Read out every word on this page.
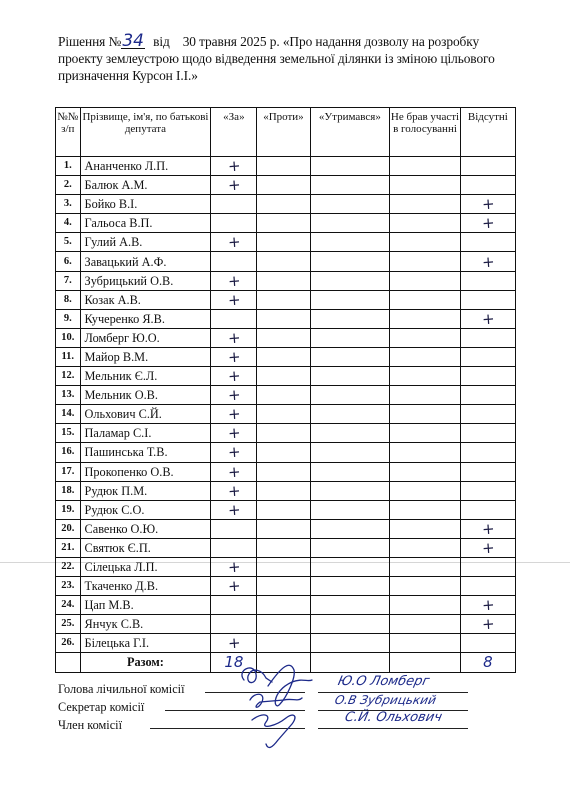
Рішення №34 від 30 травня 2025 р. «Про надання дозволу на розробку
проекту землеустрою щодо відведення земельної ділянки із зміною цільового
призначення Курсон І.І.»
№№ з/п	Прізвище, ім'я, по батькові депутата	«За»	«Проти»	«Утримався»	Не брав участі в голосуванні	Відсутні
1.	Ананченко Л.П.	+				
2.	Балюк А.М.	+				
3.	Бойко В.І.					+
4.	Гальоса В.П.					+
5.	Гулий А.В.	+				
6.	Завацький А.Ф.					+
7.	Зубрицький О.В.	+				
8.	Козак А.В.	+				
9.	Кучеренко Я.В.					+
10.	Ломберг Ю.О.	+				
11.	Майор В.М.	+				
12.	Мельник Є.Л.	+				
13.	Мельник О.В.	+				
14.	Ольхович С.Й.	+				
15.	Паламар С.І.	+				
16.	Пашинська Т.В.	+				
17.	Прокопенко О.В.	+				
18.	Рудюк П.М.	+				
19.	Рудюк С.О.	+				
20.	Савенко О.Ю.					+
21.	Святюк Є.П.					+
22.	Сілецька Л.П.	+				
23.	Ткаченко Д.В.	+				
24.	Цап М.В.					+
25.	Янчук С.В.					+
26.	Білецька Г.І.	+				
	Разом:	18				8
Голова лічильної комісії
Секретар комісії
Член комісії
Ю.О Ломберг
О.В Зубрицький
С.Й. Ольхович
